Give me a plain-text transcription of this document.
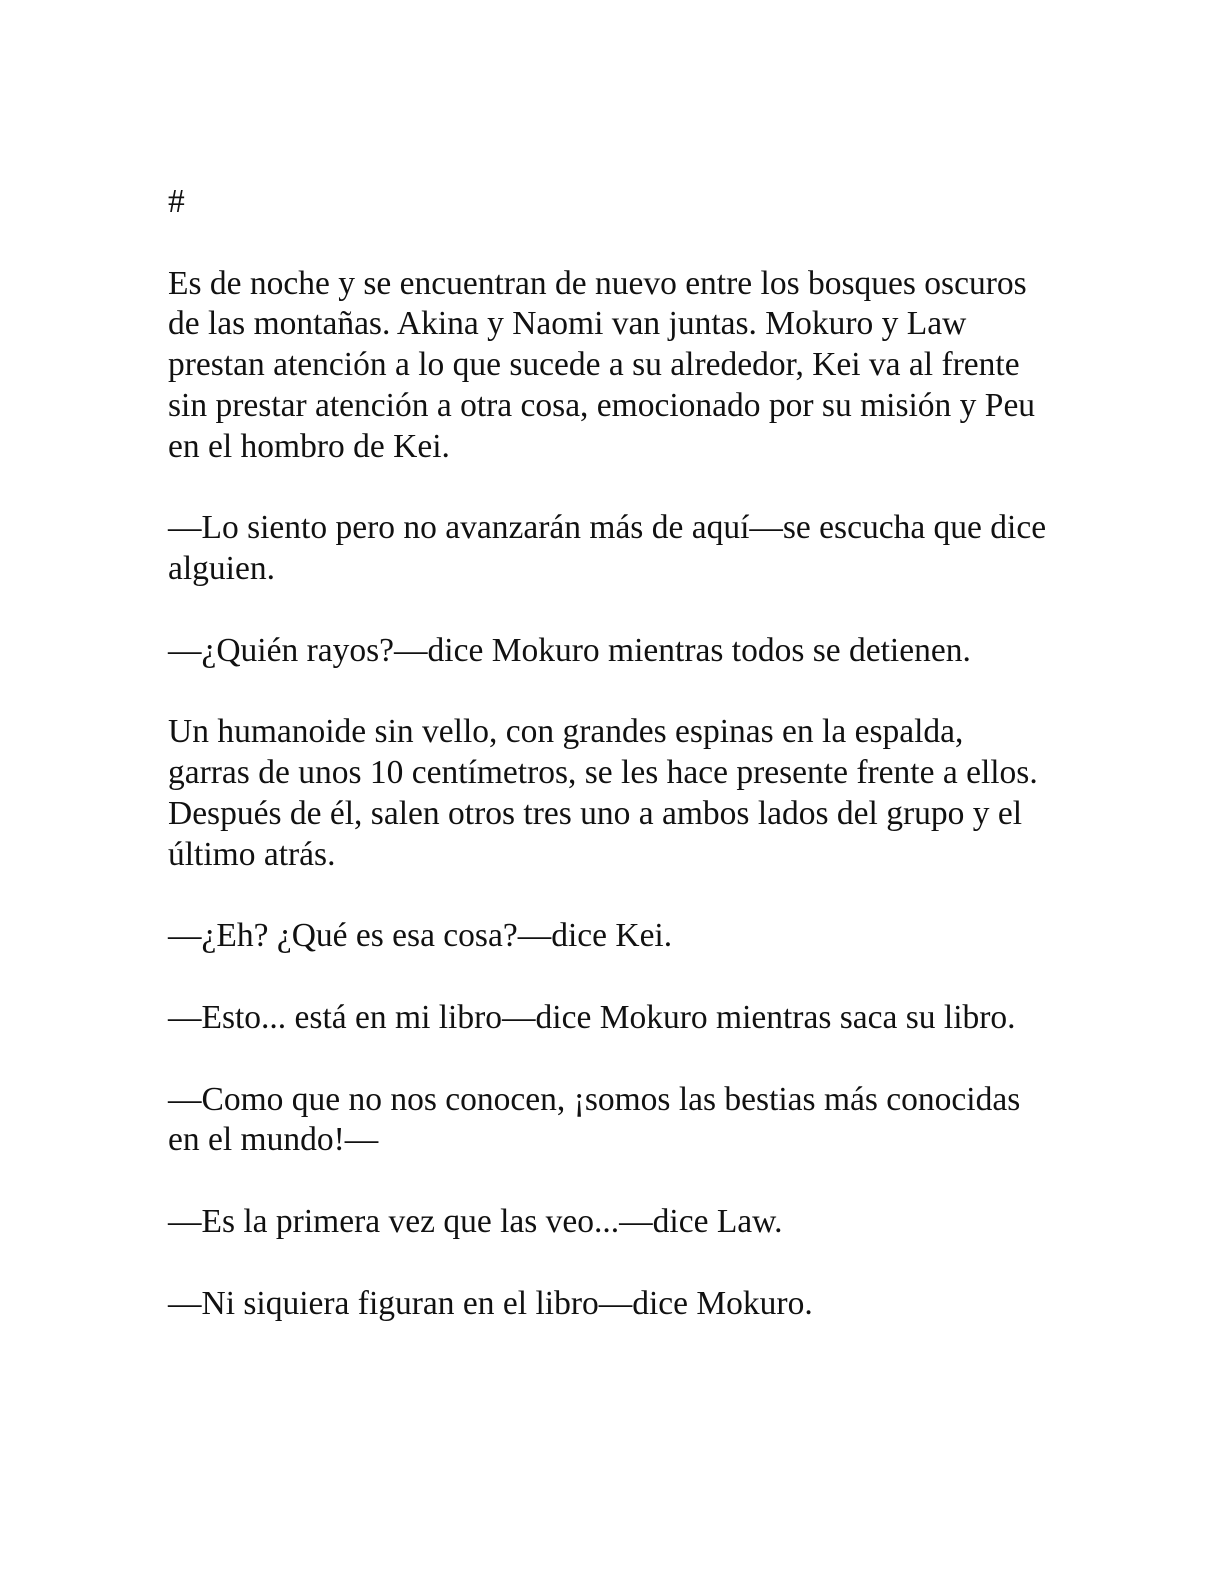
#

Es de noche y se encuentran de nuevo entre los bosques oscuros de las montañas. Akina y Naomi van juntas. Mokuro y Law prestan atención a lo que sucede a su alrededor, Kei va al frente sin prestar atención a otra cosa, emocionado por su misión y Peu en el hombro de Kei.

—Lo siento pero no avanzarán más de aquí—se escucha que dice alguien.

—¿Quién rayos?—dice Mokuro mientras todos se detienen.

Un humanoide sin vello, con grandes espinas en la espalda, garras de unos 10 centímetros, se les hace presente frente a ellos. Después de él, salen otros tres uno a ambos lados del grupo y el último atrás.

—¿Eh? ¿Qué es esa cosa?—dice Kei.

—Esto... está en mi libro—dice Mokuro mientras saca su libro.

—Como que no nos conocen, ¡somos las bestias más conocidas en el mundo!—

—Es la primera vez que las veo...—dice Law.

—Ni siquiera figuran en el libro—dice Mokuro.
